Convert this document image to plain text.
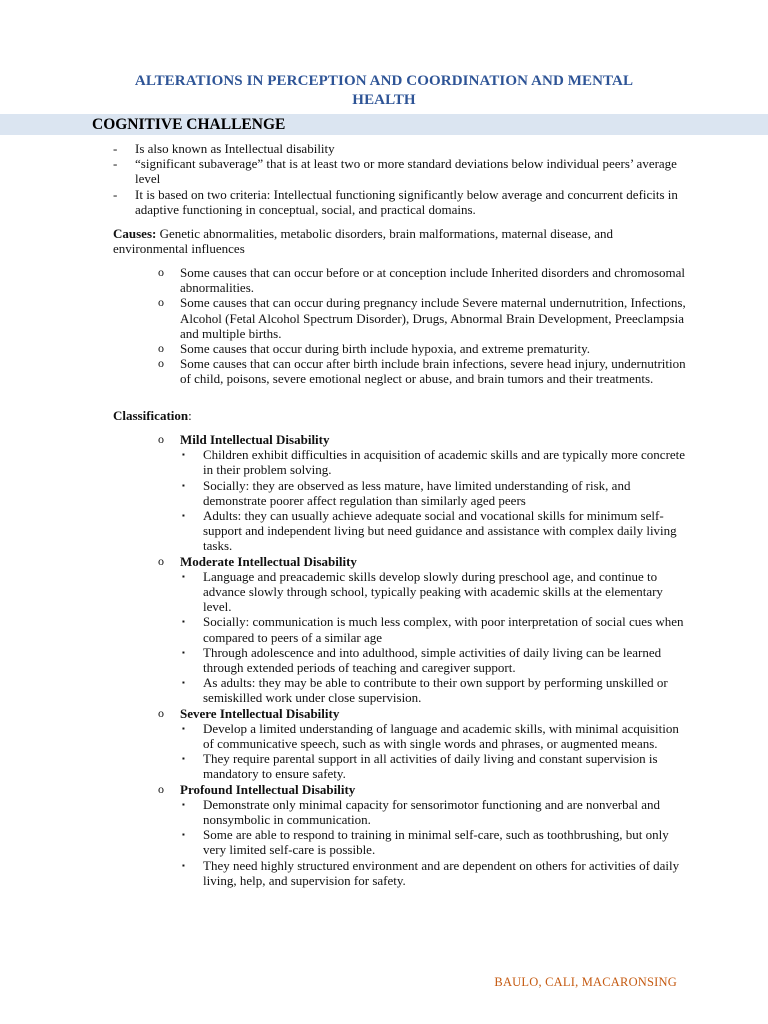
ALTERATIONS IN PERCEPTION AND COORDINATION AND MENTAL
HEALTH
COGNITIVE CHALLENGE
-	Is also known as Intellectual disability
-	“significant subaverage” that is at least two or more standard deviations below individual peers’ average level
-	It is based on two criteria: Intellectual functioning significantly below average and concurrent deficits in adaptive functioning in conceptual, social, and practical domains.
Causes: Genetic abnormalities, metabolic disorders, brain malformations, maternal disease, and environmental influences
o	Some causes that can occur before or at conception include Inherited disorders and chromosomal abnormalities.
o	Some causes that can occur during pregnancy include Severe maternal undernutrition, Infections, Alcohol (Fetal Alcohol Spectrum Disorder), Drugs, Abnormal Brain Development, Preeclampsia and multiple births.
o	Some causes that occur during birth include hypoxia, and extreme prematurity.
o	Some causes that can occur after birth include brain infections, severe head injury, undernutrition of child, poisons, severe emotional neglect or abuse, and brain tumors and their treatments.
Classification:
o	Mild Intellectual Disability
▪	Children exhibit difficulties in acquisition of academic skills and are typically more concrete in their problem solving.
▪	Socially: they are observed as less mature, have limited understanding of risk, and demonstrate poorer affect regulation than similarly aged peers
▪	Adults: they can usually achieve adequate social and vocational skills for minimum self-support and independent living but need guidance and assistance with complex daily living tasks.
o	Moderate Intellectual Disability
▪	Language and preacademic skills develop slowly during preschool age, and continue to advance slowly through school, typically peaking with academic skills at the elementary level.
▪	Socially: communication is much less complex, with poor interpretation of social cues when compared to peers of a similar age
▪	Through adolescence and into adulthood, simple activities of daily living can be learned through extended periods of teaching and caregiver support.
▪	As adults: they may be able to contribute to their own support by performing unskilled or semiskilled work under close supervision.
o	Severe Intellectual Disability
▪	Develop a limited understanding of language and academic skills, with minimal acquisition of communicative speech, such as with single words and phrases, or augmented means.
▪	They require parental support in all activities of daily living and constant supervision is mandatory to ensure safety.
o	Profound Intellectual Disability
▪	Demonstrate only minimal capacity for sensorimotor functioning and are nonverbal and nonsymbolic in communication.
▪	Some are able to respond to training in minimal self-care, such as toothbrushing, but only very limited self-care is possible.
▪	They need highly structured environment and are dependent on others for activities of daily living, help, and supervision for safety.
BAULO, CALI, MACARONSING
